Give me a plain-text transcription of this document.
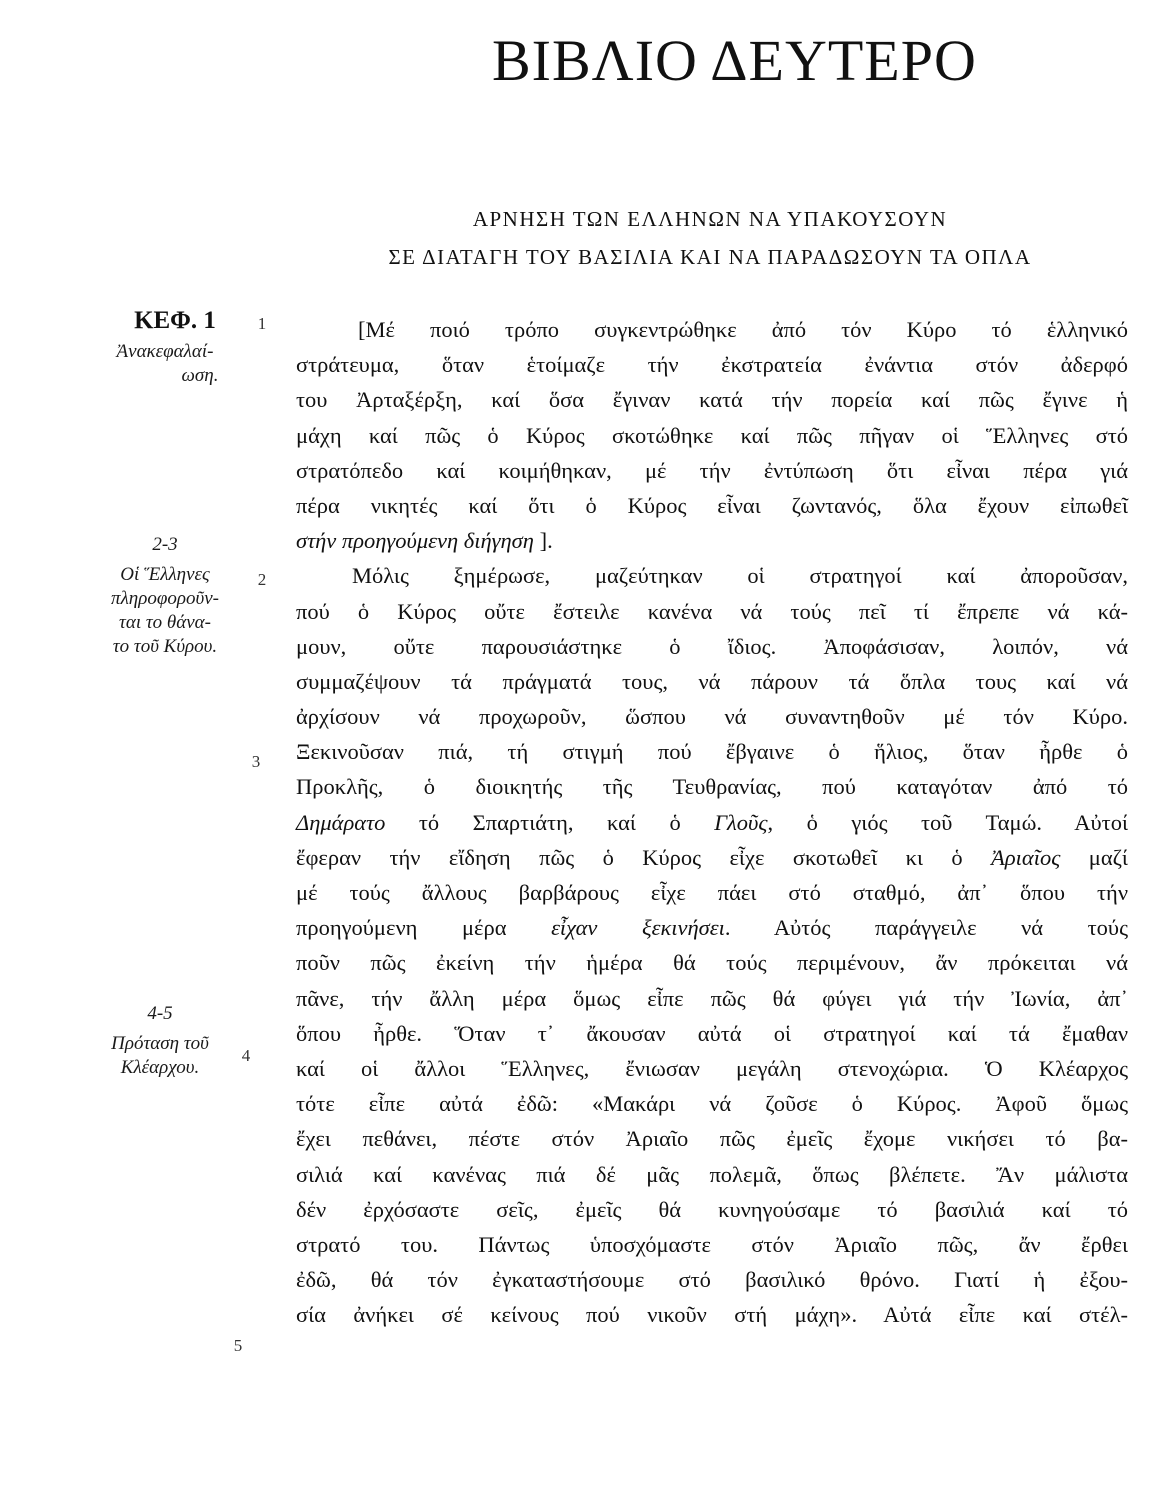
ΒΙΒΛΙΟ ΔΕΥΤΕΡΟ
ΑΡΝΗΣΗ ΤΩΝ ΕΛΛΗΝΩΝ ΝΑ ΥΠΑΚΟΥΣΟΥΝ
ΣΕ ΔΙΑΤΑΓΗ ΤΟΥ ΒΑΣΙΛΙΑ ΚΑΙ ΝΑ ΠΑΡΑΔΩΣΟΥΝ ΤΑ ΟΠΛΑ
ΚΕΦ. 1
Ἀνακεφαλαί-
ωση.
2-3
Οἱ Ἕλληνες
πληροφοροῦν-
ται το θάνα-
το τοῦ Κύρου.
4-5
Πρόταση τοῦ
Κλέαρχου.
1
2
3
4
5
[Μέ ποιό τρόπο συγκεντρώθηκε ἀπό τόν Κύρο τό ἑλληνικό
στράτευμα, ὅταν ἑτοίμαζε τήν ἐκστρατεία ἐνάντια στόν ἀδερφό
του Ἀρταξέρξη, καί ὅσα ἔγιναν κατά τήν πορεία καί πῶς ἔγινε ἡ
μάχη καί πῶς ὁ Κύρος σκοτώθηκε καί πῶς πῆγαν οἱ Ἕλληνες στό
στρατόπεδο καί κοιμήθηκαν, μέ τήν ἐντύπωση ὅτι εἶναι πέρα γιά
πέρα νικητές καί ὅτι ὁ Κύρος εἶναι ζωντανός, ὅλα ἔχουν εἰπωθεῖ
στήν προηγούμενη διήγηση ].
Μόλις ξημέρωσε, μαζεύτηκαν οἱ στρατηγοί καί ἀποροῦσαν,
πού ὁ Κύρος οὔτε ἔστειλε κανένα νά τούς πεῖ τί ἔπρεπε νά κά-
μουν, οὔτε παρουσιάστηκε ὁ ἴδιος. Ἀποφάσισαν, λοιπόν, νά
συμμαζέψουν τά πράγματά τους, νά πάρουν τά ὅπλα τους καί νά
ἀρχίσουν νά προχωροῦν, ὥσπου νά συναντηθοῦν μέ τόν Κύρο.
Ξεκινοῦσαν πιά, τή στιγμή πού ἔβγαινε ὁ ἥλιος, ὅταν ἦρθε ὁ
Προκλῆς, ὁ διοικητής τῆς Τευθρανίας, πού καταγόταν ἀπό τό
Δημάρατο τό Σπαρτιάτη, καί ὁ Γλοῦς, ὁ γιός τοῦ Ταμώ. Αὐτοί
ἔφεραν τήν εἴδηση πῶς ὁ Κύρος εἶχε σκοτωθεῖ κι ὁ Ἀριαῖος μαζί
μέ τούς ἄλλους βαρβάρους εἶχε πάει στό σταθμό, ἀπ᾿ ὅπου τήν
προηγούμενη μέρα εἶχαν ξεκινήσει. Αὐτός παράγγειλε νά τούς
ποῦν πῶς ἐκείνη τήν ἡμέρα θά τούς περιμένουν, ἄν πρόκειται νά
πᾶνε, τήν ἄλλη μέρα ὅμως εἶπε πῶς θά φύγει γιά τήν Ἰωνία, ἀπ᾿
ὅπου ἦρθε. Ὅταν τ᾿ ἄκουσαν αὐτά οἱ στρατηγοί καί τά ἔμαθαν
καί οἱ ἄλλοι Ἕλληνες, ἔνιωσαν μεγάλη στενοχώρια. Ὁ Κλέαρχος
τότε εἶπε αὐτά ἐδῶ: «Μακάρι νά ζοῦσε ὁ Κύρος. Ἀφοῦ ὅμως
ἔχει πεθάνει, πέστε στόν Ἀριαῖο πῶς ἐμεῖς ἔχομε νικήσει τό βα-
σιλιά καί κανένας πιά δέ μᾶς πολεμᾶ, ὅπως βλέπετε. Ἄν μάλιστα
δέν ἐρχόσαστε σεῖς, ἐμεῖς θά κυνηγούσαμε τό βασιλιά καί τό
στρατό του. Πάντως ὑποσχόμαστε στόν Ἀριαῖο πῶς, ἄν ἔρθει
ἐδῶ, θά τόν ἐγκαταστήσουμε στό βασιλικό θρόνο. Γιατί ἡ ἐξου-
σία ἀνήκει σέ κείνους πού νικοῦν στή μάχη». Αὐτά εἶπε καί στέλ-
